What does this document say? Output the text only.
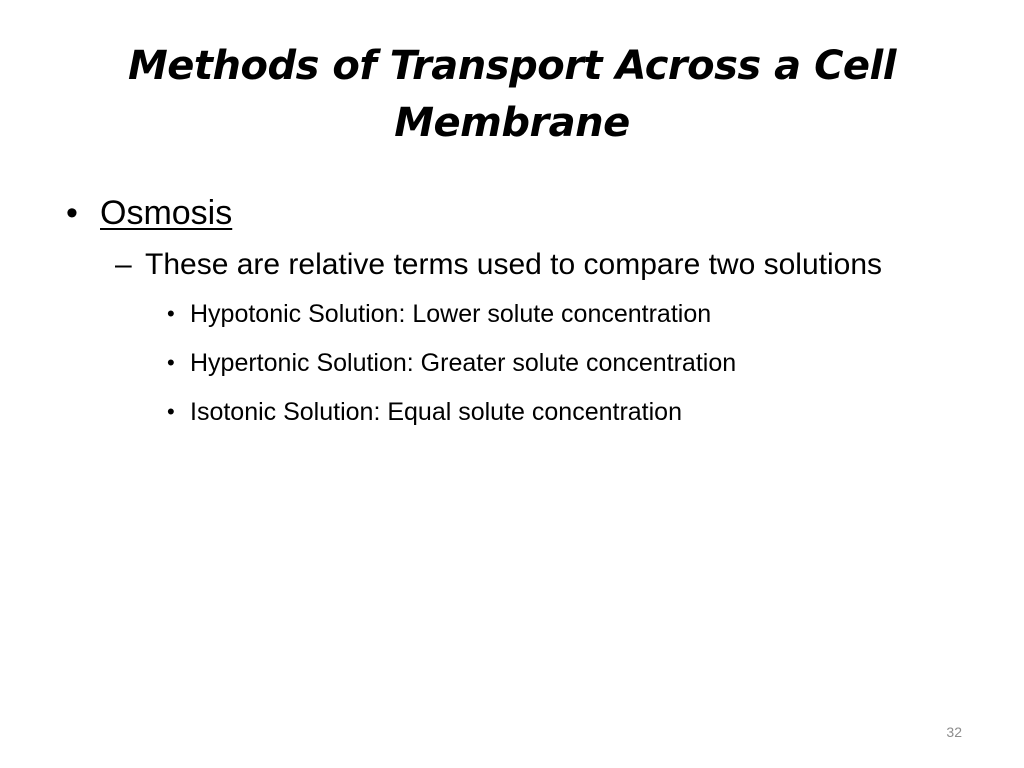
Methods of Transport Across a Cell
Membrane
• Osmosis
– These are relative terms used to compare two solutions
• Hypotonic Solution: Lower solute concentration
• Hypertonic Solution: Greater solute concentration
• Isotonic Solution: Equal solute concentration
32
